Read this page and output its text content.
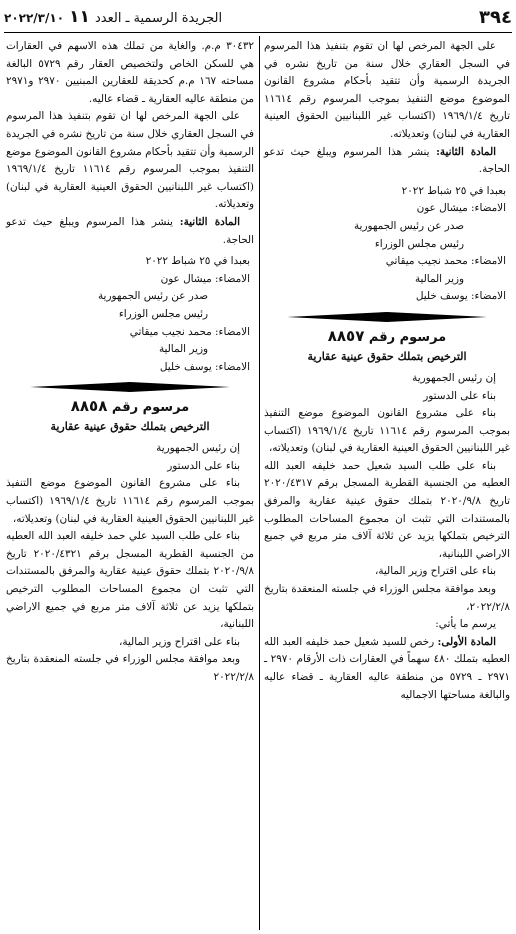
٣٩٤
الجريدة الرسمية ـ العدد ١١ ٢٠٢٢/٣/١٠

على الجهة المرخص لها ان تقوم بتنفيذ هذا المرسوم في السجل العقاري خلال سنة من تاريخ نشره في الجريدة الرسمية وأن تتقيد بأحكام مشروع القانون الموضوع موضع التنفيذ بموجب المرسوم رقم ١١٦١٤ تاريخ ١٩٦٩/١/٤ (اكتساب غير اللبنانيين الحقوق العينية العقارية في لبنان) وتعديلاته.

المادة الثانية: ينشر هذا المرسوم ويبلغ حيث تدعو الحاجة.

بعبدا في ٢٥ شباط ٢٠٢٢

الامضاء: ميشال عون

صدر عن رئيس الجمهورية

رئيس مجلس الوزراء

الامضاء: محمد نجيب ميقاتي

وزير المالية

الامضاء: يوسف خليل

مرسوم رقم ٨٨٥٧
الترخيص بتملك حقوق عينية عقارية

إن رئيس الجمهورية

بناء على الدستور

بناء على مشروع القانون الموضوع موضع التنفيذ بموجب المرسوم رقم ١١٦١٤ تاريخ ١٩٦٩/١/٤ (اكتساب غير اللبنانيين الحقوق العينية العقارية في لبنان) وتعديلاته،

بناء على طلب السيد شعيل حمد خليفه العبد الله العطيه من الجنسية القطرية المسجل برقم ٢٠٢٠/٤٣١٧ تاريخ ٢٠٢٠/٩/٨ بتملك حقوق عينية عقارية والمرفق بالمستندات التي تثبت ان مجموع المساحات المطلوب الترخيص بتملكها يزيد عن ثلاثة آلاف متر مربع في جميع الاراضي اللبنانية،

بناء على اقتراح وزير المالية،

وبعد موافقة مجلس الوزراء في جلسته المنعقدة بتاريخ ٢٠٢٢/٢/٨،

يرسم ما يأتي:

المادة الأولى: رخص للسيد شعيل حمد خليفه العبد الله العطيه بتملك ٤٨٠ سهماً في العقارات ذات الأرقام ٢٩٧٠ ـ ٢٩٧١ ـ ٥٧٢٩ من منطقة عاليه العقارية ـ قضاء عاليه والبالغة مساحتها الاجماليه

٣٠٤٣٢ م.م. والغاية من تملك هذه الاسهم في العقارات هي للسكن الخاص ولتخصيص العقار رقم ٥٧٢٩ البالغة مساحته ١٦٧ م.م كحديقة للعقارين المبنيين ٢٩٧٠ و٢٩٧١ من منطقة عاليه العقارية ـ قضاء عاليه.

على الجهة المرخص لها ان تقوم بتنفيذ هذا المرسوم في السجل العقاري خلال سنة من تاريخ نشره في الجريدة الرسمية وأن تتقيد بأحكام مشروع القانون الموضوع موضع التنفيذ بموجب المرسوم رقم ١١٦١٤ تاريخ ١٩٦٩/١/٤ (اكتساب غير اللبنانيين الحقوق العينية العقارية في لبنان) وتعديلاته.

المادة الثانية: ينشر هذا المرسوم ويبلغ حيث تدعو الحاجة.

بعبدا في ٢٥ شباط ٢٠٢٢

الامضاء: ميشال عون

صدر عن رئيس الجمهورية

رئيس مجلس الوزراء

الامضاء: محمد نجيب ميقاتي

وزير المالية

الامضاء: يوسف خليل

مرسوم رقم ٨٨٥٨
الترخيص بتملك حقوق عينية عقارية

إن رئيس الجمهورية

بناء على الدستور

بناء على مشروع القانون الموضوع موضع التنفيذ بموجب المرسوم رقم ١١٦١٤ تاريخ ١٩٦٩/١/٤ (اكتساب غير اللبنانيين الحقوق العينية العقارية في لبنان) وتعديلاته،

بناء على طلب السيد علي حمد خليفه العبد الله العطيه من الجنسية القطرية المسجل برقم ٢٠٢٠/٤٣٢١ تاريخ ٢٠٢٠/٩/٨ بتملك حقوق عينية عقارية والمرفق بالمستندات التي تثبت ان مجموع المساحات المطلوب الترخيص بتملكها يزيد عن ثلاثة آلاف متر مربع في جميع الاراضي اللبنانية،

بناء على اقتراح وزير المالية،

وبعد موافقة مجلس الوزراء في جلسته المنعقدة بتاريخ ٢٠٢٢/٢/٨
